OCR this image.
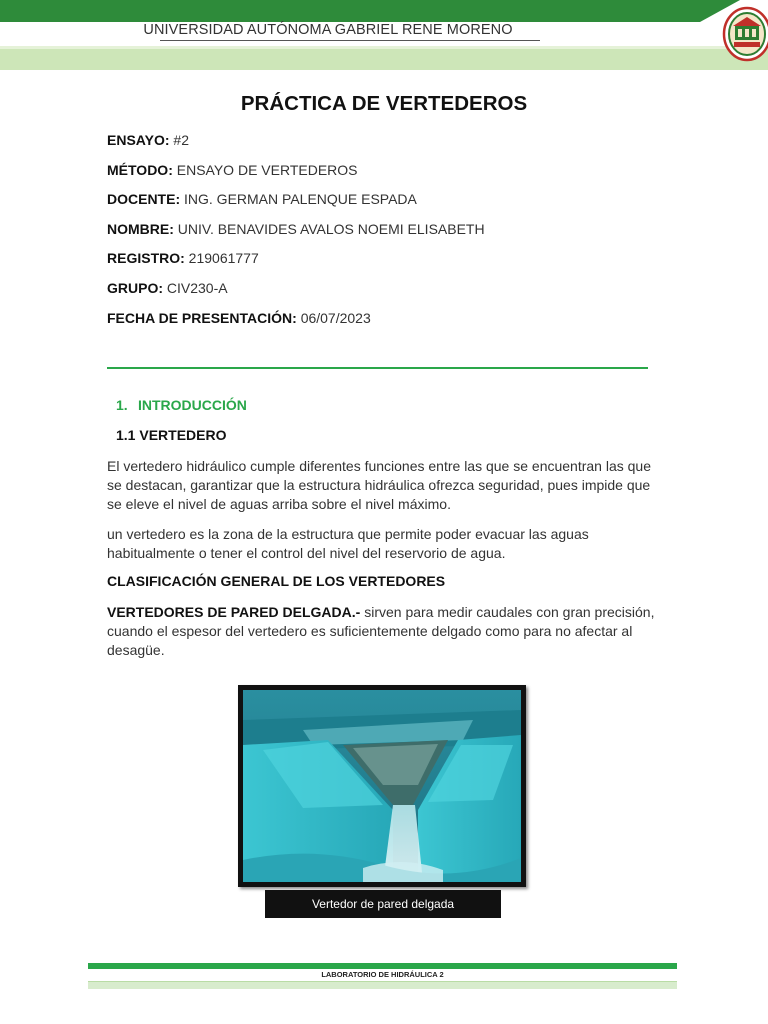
UNIVERSIDAD AUTÓNOMA GABRIEL RENE MORENO
PRÁCTICA DE VERTEDEROS
ENSAYO: #2
MÉTODO: ENSAYO DE VERTEDEROS
DOCENTE: ING. GERMAN PALENQUE ESPADA
NOMBRE: UNIV. BENAVIDES AVALOS NOEMI ELISABETH
REGISTRO: 219061777
GRUPO: CIV230-A
FECHA DE PRESENTACIÓN: 06/07/2023
1. INTRODUCCIÓN
1.1 VERTEDERO
El vertedero hidráulico cumple diferentes funciones entre las que se encuentran las que se destacan, garantizar que la estructura hidráulica ofrezca seguridad, pues impide que se eleve el nivel de aguas arriba sobre el nivel máximo.
un vertedero es la zona de la estructura que permite poder evacuar las aguas habitualmente o tener el control del nivel del reservorio de agua.
CLASIFICACIÓN GENERAL DE LOS VERTEDORES
VERTEDORES DE PARED DELGADA.- sirven para medir caudales con gran precisión, cuando el espesor del vertedero es suficientemente delgado como para no afectar al desagüe.
Vertedor de pared delgada
LABORATORIO DE HIDRÁULICA 2
